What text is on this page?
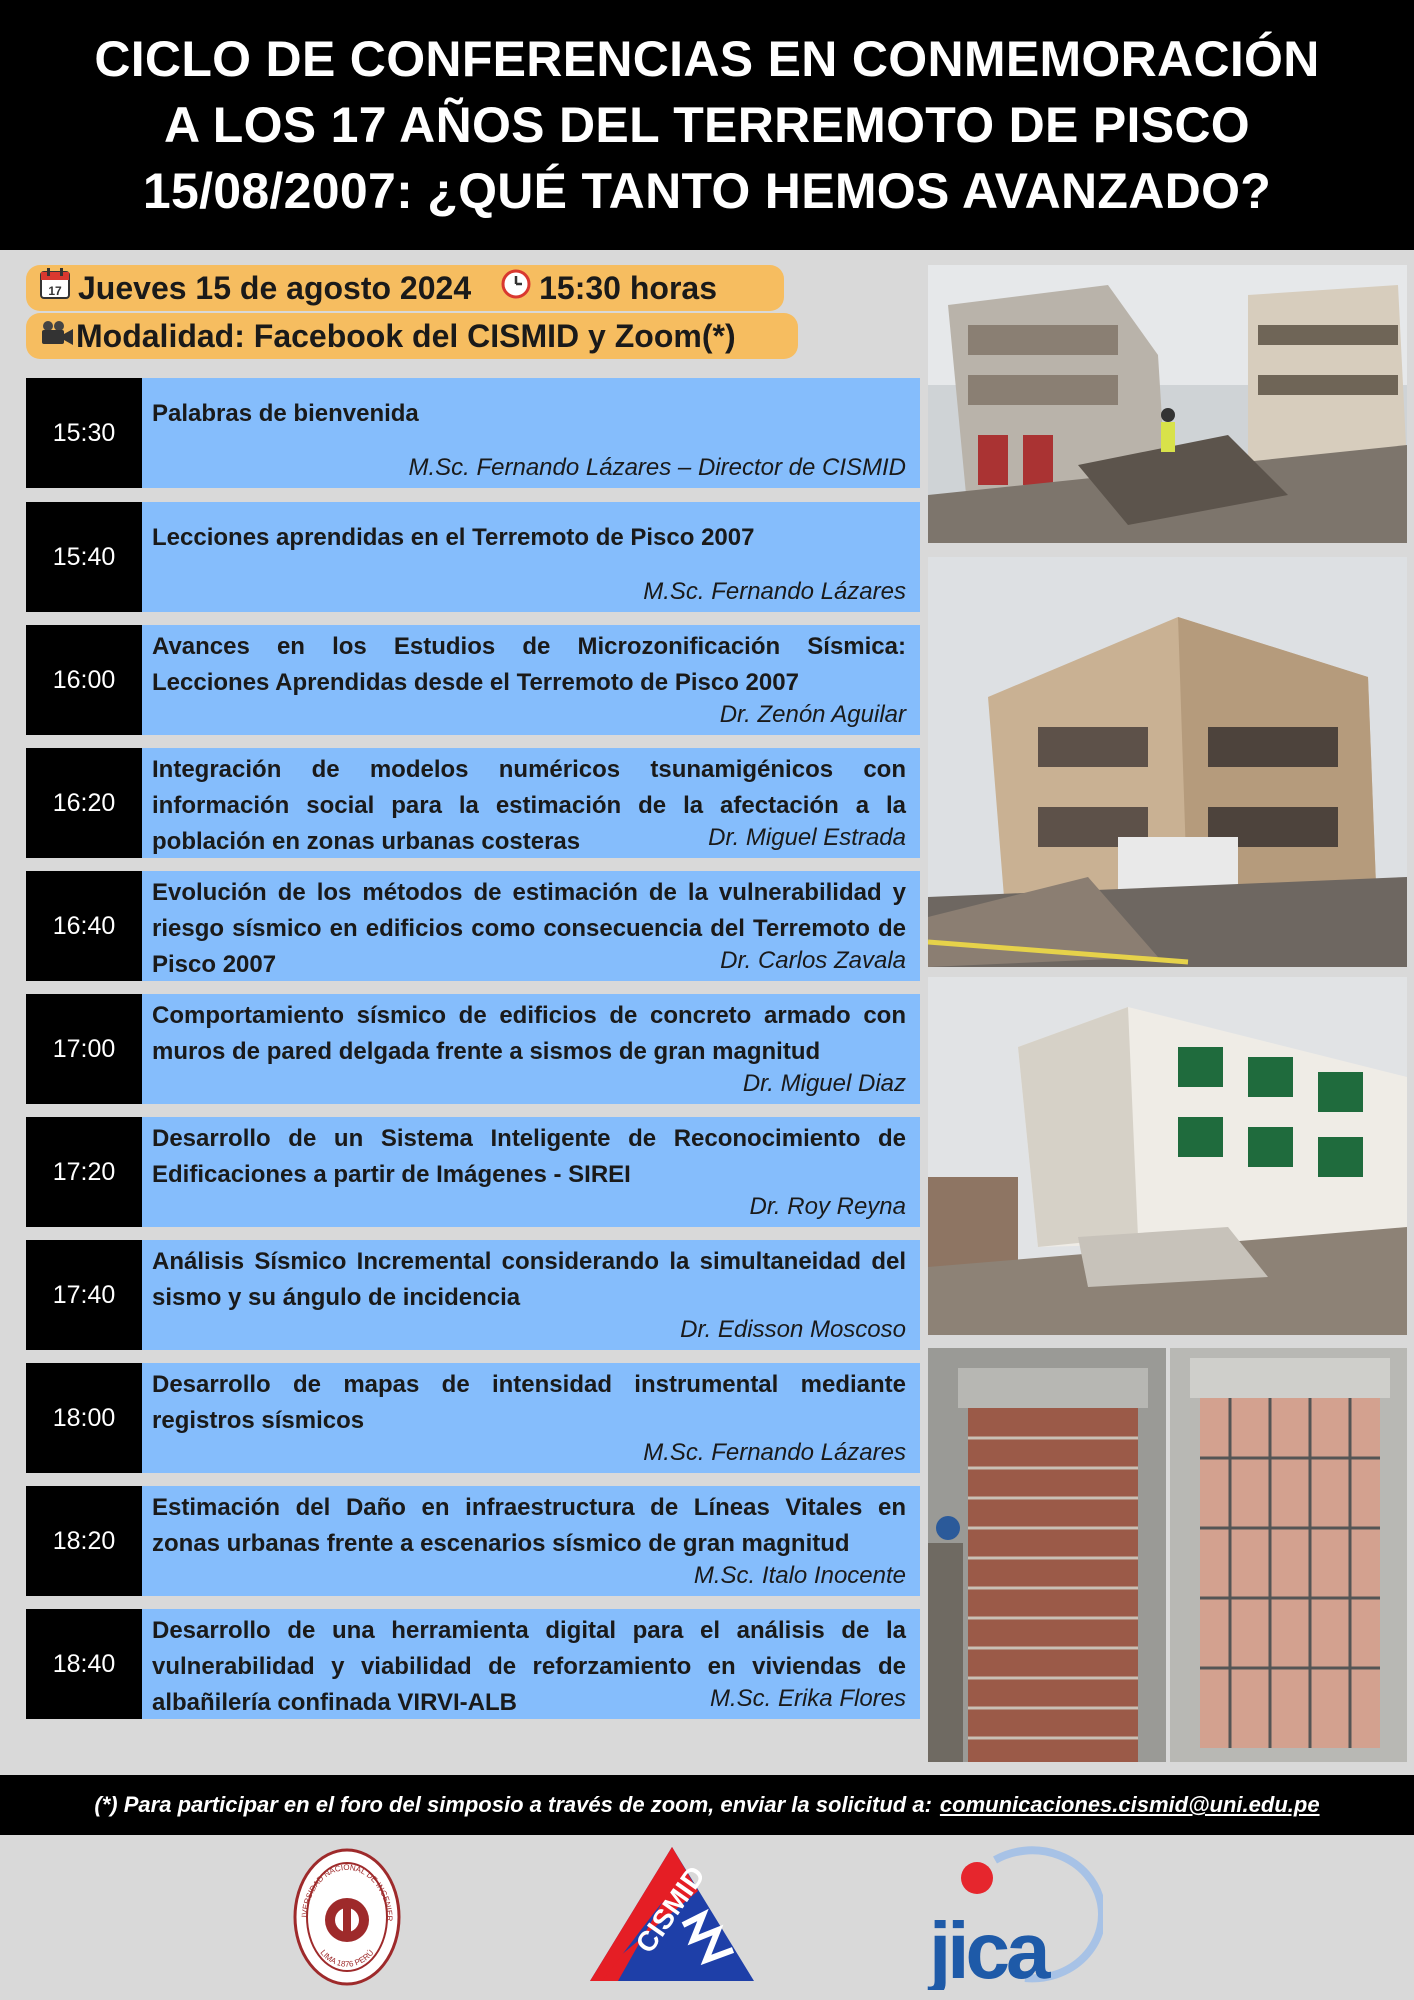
CICLO DE CONFERENCIAS EN CONMEMORACIÓN
A LOS 17 AÑOS DEL TERREMOTO DE PISCO
15/08/2007: ¿QUÉ TANTO HEMOS AVANZADO?
17 Jueves 15 de agosto 2024 15:30 horas
Modalidad: Facebook del CISMID y Zoom(*)
15:30
Palabras de bienvenida
M.Sc. Fernando Lázares – Director de CISMID
15:40
Lecciones aprendidas en el Terremoto de Pisco 2007
M.Sc. Fernando Lázares
16:00
Avances en los Estudios de Microzonificación Sísmica: Lecciones Aprendidas desde el Terremoto de Pisco 2007
Dr. Zenón Aguilar
16:20
Integración de modelos numéricos tsunamigénicos con información social para la estimación de la afectación a la población en zonas urbanas costeras	Dr. Miguel Estrada
16:40
Evolución de los métodos de estimación de la vulnerabilidad y riesgo sísmico en edificios como consecuencia del Terremoto de Pisco 2007	Dr. Carlos Zavala
17:00
Comportamiento sísmico de edificios de concreto armado con muros de pared delgada frente a sismos de gran magnitud
Dr. Miguel Diaz
17:20
Desarrollo de un Sistema Inteligente de Reconocimiento de Edificaciones a partir de Imágenes - SIREI
Dr. Roy Reyna
17:40
Análisis Sísmico Incremental considerando la simultaneidad del sismo y su ángulo de incidencia
Dr. Edisson Moscoso
18:00
Desarrollo de mapas de intensidad instrumental mediante registros sísmicos
M.Sc. Fernando Lázares
18:20
Estimación del Daño en infraestructura de Líneas Vitales en zonas urbanas frente a escenarios sísmico de gran magnitud
M.Sc. Italo Inocente
18:40
Desarrollo de una herramienta digital para el análisis de la vulnerabilidad y viabilidad de reforzamiento en viviendas de albañilería confinada VIRVI-ALB	M.Sc. Erika Flores
(*) Para participar en el foro del simposio a través de zoom, enviar la solicitud a: comunicaciones.cismid@uni.edu.pe
IVERSIDAD NACIONAL DE INGENIER
LIMA 1876 PERÚ	CISMID	jica
